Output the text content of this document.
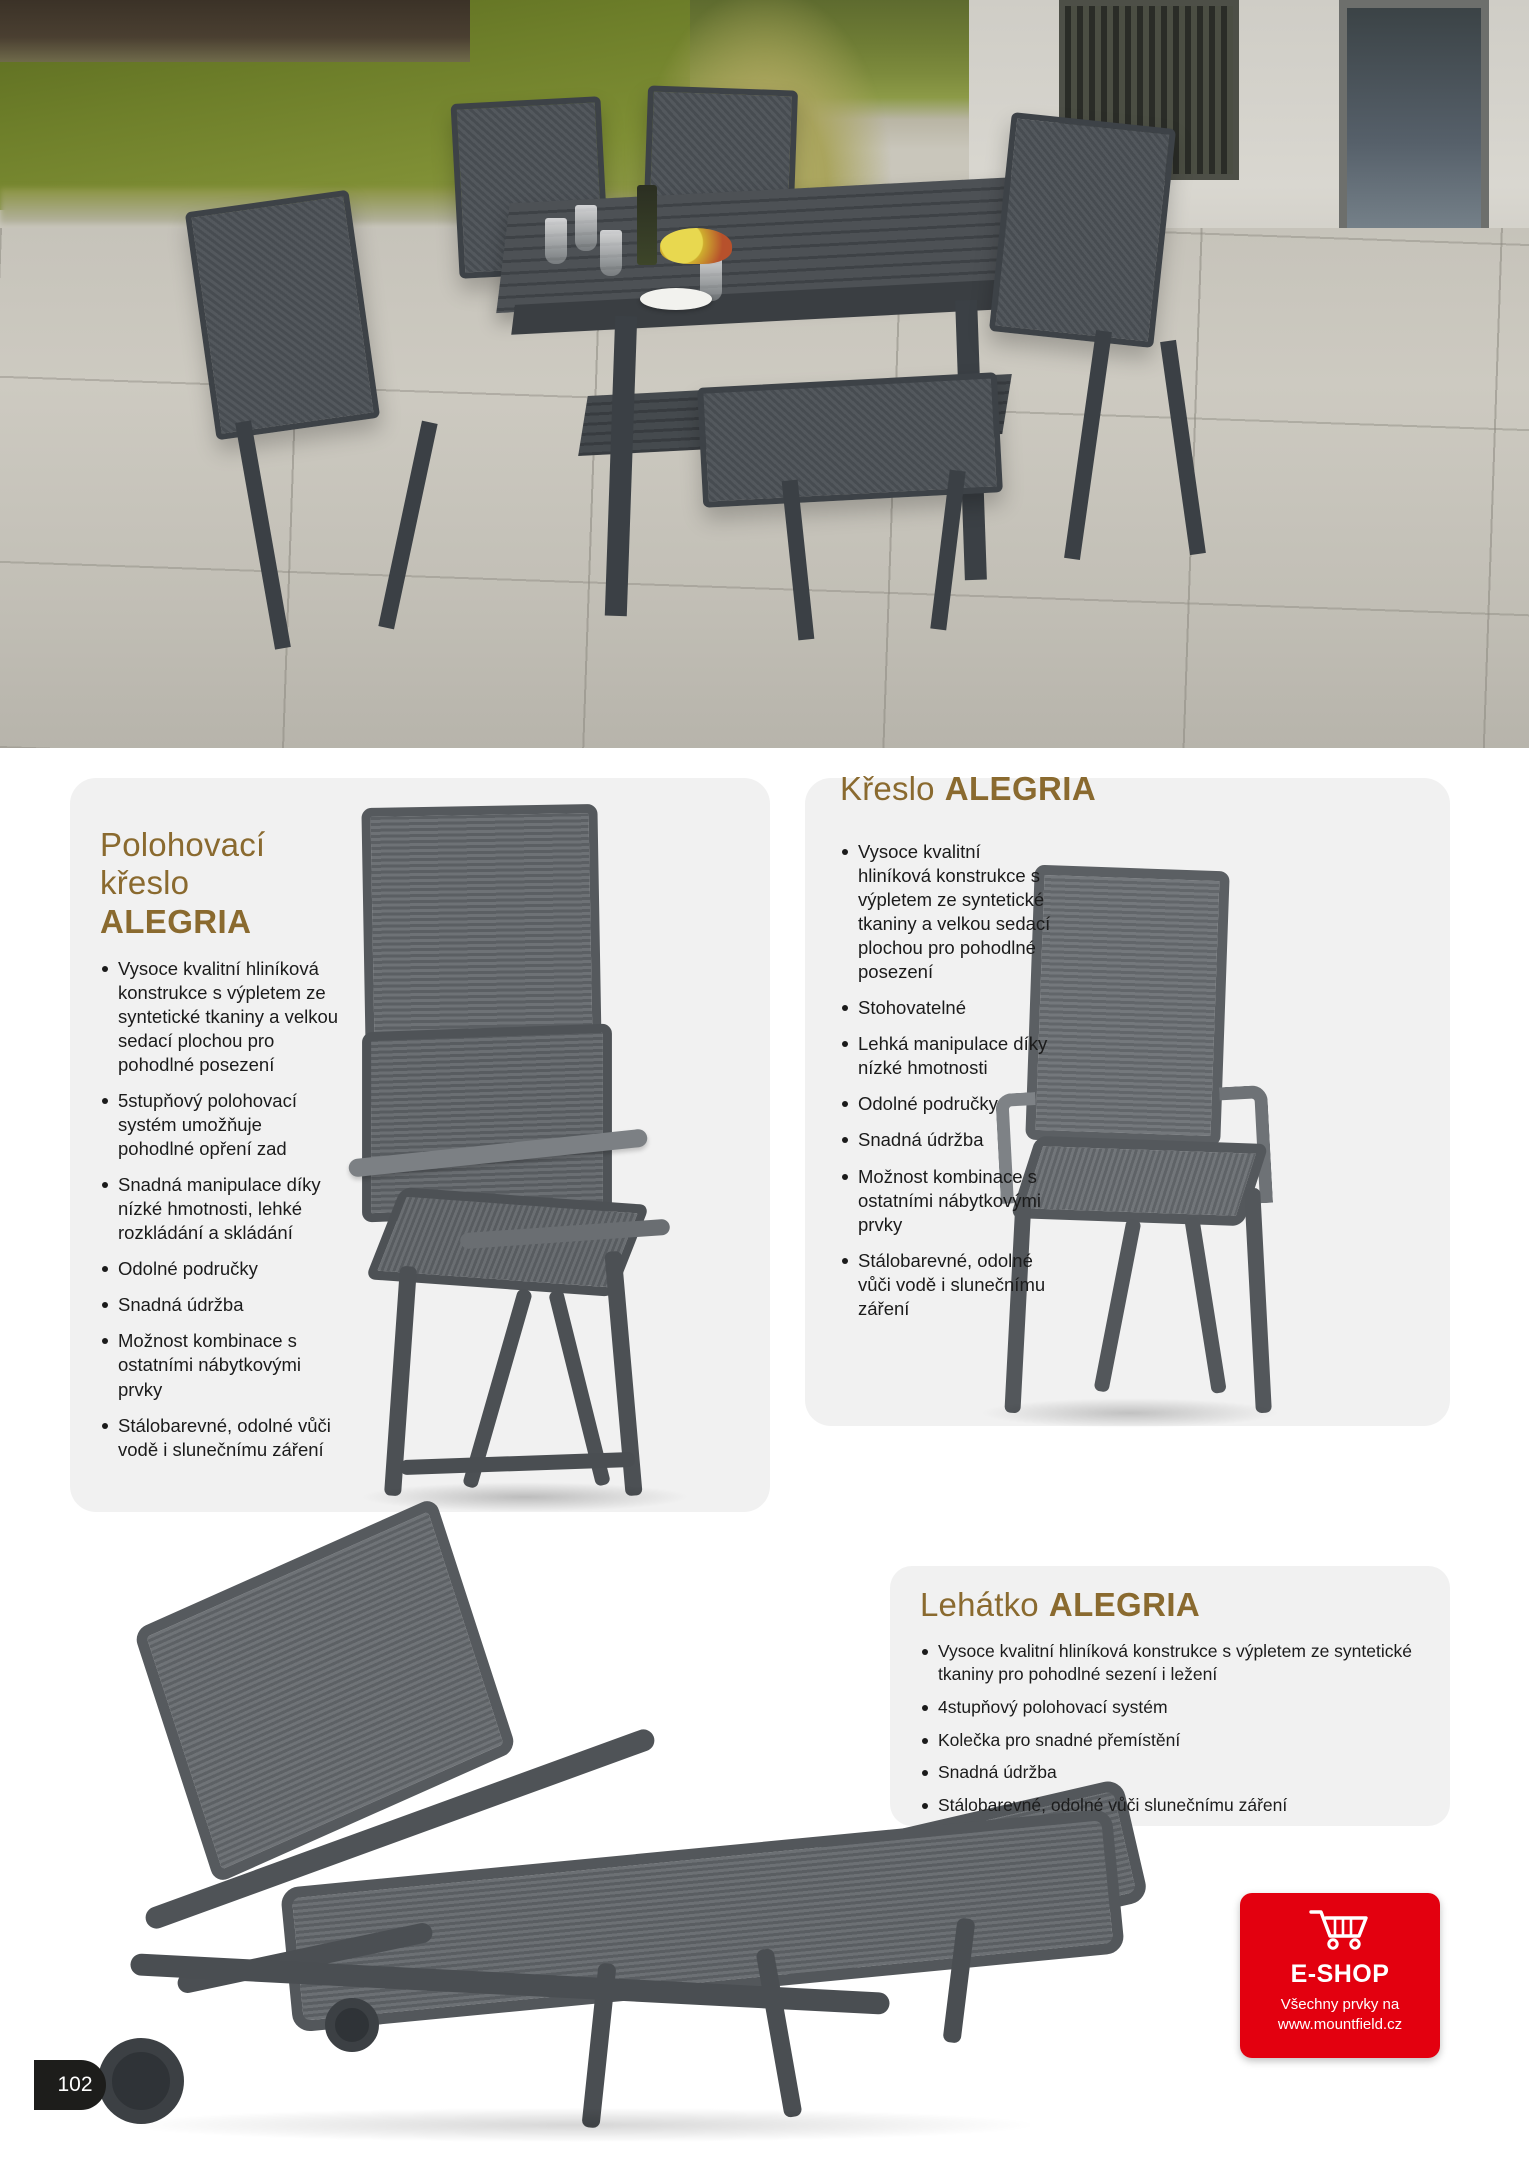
Polohovací
křeslo
ALEGRIA
Vysoce kvalitní hliníková konstrukce s výpletem ze syntetické tkaniny a velkou sedací plochou pro pohodlné posezení
5stupňový polohovací systém umožňuje pohodlné opření zad
Snadná manipulace díky nízké hmotnosti, lehké rozkládání a skládání
Odolné područky
Snadná údržba
Možnost kombinace s ostatními nábytkovými prvky
Stálobarevné, odolné vůči vodě i slunečnímu záření
Křeslo ALEGRIA
Vysoce kvalitní hliníková konstrukce s výpletem ze syntetické tkaniny a velkou sedací plochou pro pohodlné posezení
Stohovatelné
Lehká manipulace díky nízké hmotnosti
Odolné područky
Snadná údržba
Možnost kombinace s ostatními nábytkovými prvky
Stálobarevné, odolné vůči vodě i slunečnímu záření
Lehátko ALEGRIA
Vysoce kvalitní hliníková konstrukce s výpletem ze syntetické tkaniny pro pohodlné sezení i ležení
4stupňový polohovací systém
Kolečka pro snadné přemístění
Snadná údržba
Stálobarevné, odolné vůči slunečnímu záření
E-SHOP
Všechny prvky na
www.mountfield.cz
102
